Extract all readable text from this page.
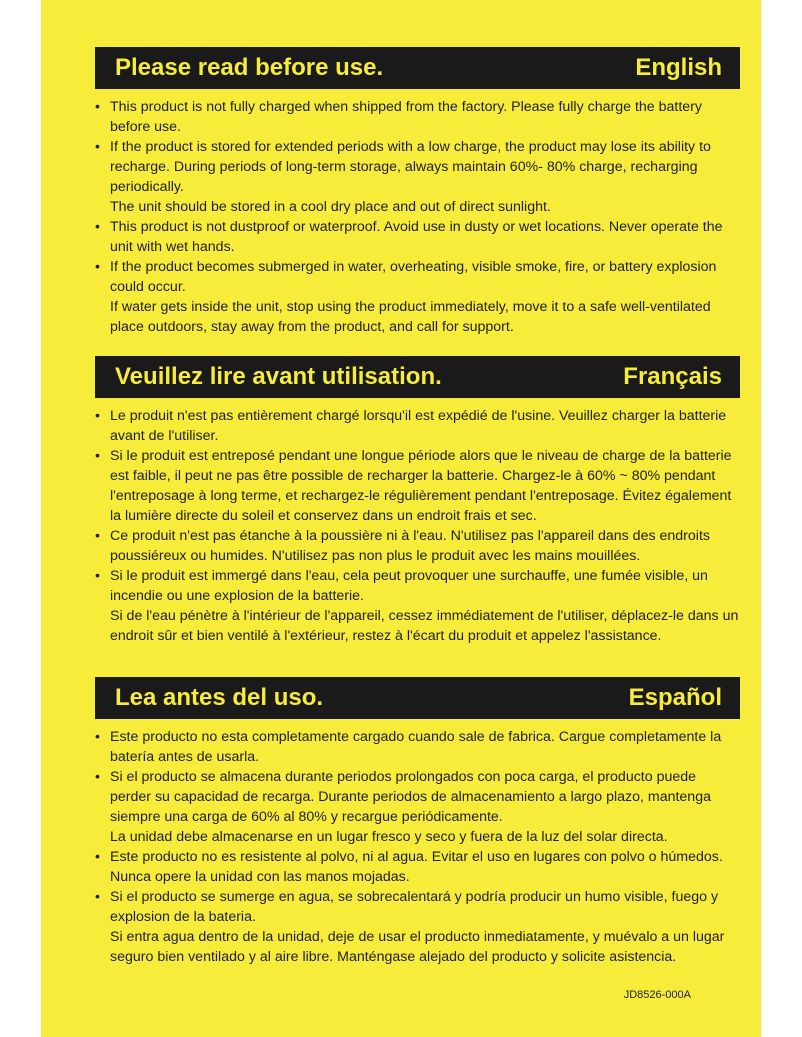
Please read before use.	English

• This product is not fully charged when shipped from the factory. Please fully charge the battery before use.

• If the product is stored for extended periods with a low charge, the product may lose its ability to recharge. During periods of long-term storage, always maintain 60%- 80% charge, recharging periodically.

The unit should be stored in a cool dry place and out of direct sunlight.

• This product is not dustproof or waterproof. Avoid use in dusty or wet locations. Never operate the unit with wet hands.

• If the product becomes submerged in water, overheating, visible smoke, fire, or battery explosion could occur.

If water gets inside the unit, stop using the product immediately, move it to a safe well-ventilated place outdoors, stay away from the product, and call for support.

Veuillez lire avant utilisation.	Français

• Le produit n'est pas entièrement chargé lorsqu'il est expédié de l'usine. Veuillez charger la batterie avant de l'utiliser.

• Si le produit est entreposé pendant une longue période alors que le niveau de charge de la batterie est faible, il peut ne pas être possible de recharger la batterie. Chargez-le à 60% ~ 80% pendant l'entreposage à long terme, et rechargez-le régulièrement pendant l'entreposage. Évitez également la lumière directe du soleil et conservez dans un endroit frais et sec.

• Ce produit n'est pas étanche à la poussière ni à l'eau. N'utilisez pas l'appareil dans des endroits poussiéreux ou humides. N'utilisez pas non plus le produit avec les mains mouillées.

• Si le produit est immergé dans l'eau, cela peut provoquer une surchauffe, une fumée visible, un incendie ou une explosion de la batterie.

Si de l'eau pénètre à l'intérieur de l'appareil, cessez immédiatement de l'utiliser, déplacez-le dans un endroit sûr et bien ventilé à l'extérieur, restez à l'écart du produit et appelez l'assistance.

Lea antes del uso.	Español

• Este producto no esta completamente cargado cuando sale de fabrica. Cargue completamente la batería antes de usarla.

• Si el producto se almacena durante periodos prolongados con poca carga, el producto puede perder su capacidad de recarga. Durante periodos de almacenamiento a largo plazo, mantenga siempre una carga de 60% al 80% y recargue periódicamente.

La unidad debe almacenarse en un lugar fresco y seco y fuera de la luz del solar directa.

• Este producto no es resistente al polvo, ni al agua. Evitar el uso en lugares con polvo o húmedos. Nunca opere la unidad con las manos mojadas.

• Si el producto se sumerge en agua, se sobrecalentará y podría producir un humo visible, fuego y explosion de la bateria.

Si entra agua dentro de la unidad, deje de usar el producto inmediatamente, y muévalo a un lugar seguro bien ventilado y al aire libre. Manténgase alejado del producto y solicite asistencia.

JD8526-000A
